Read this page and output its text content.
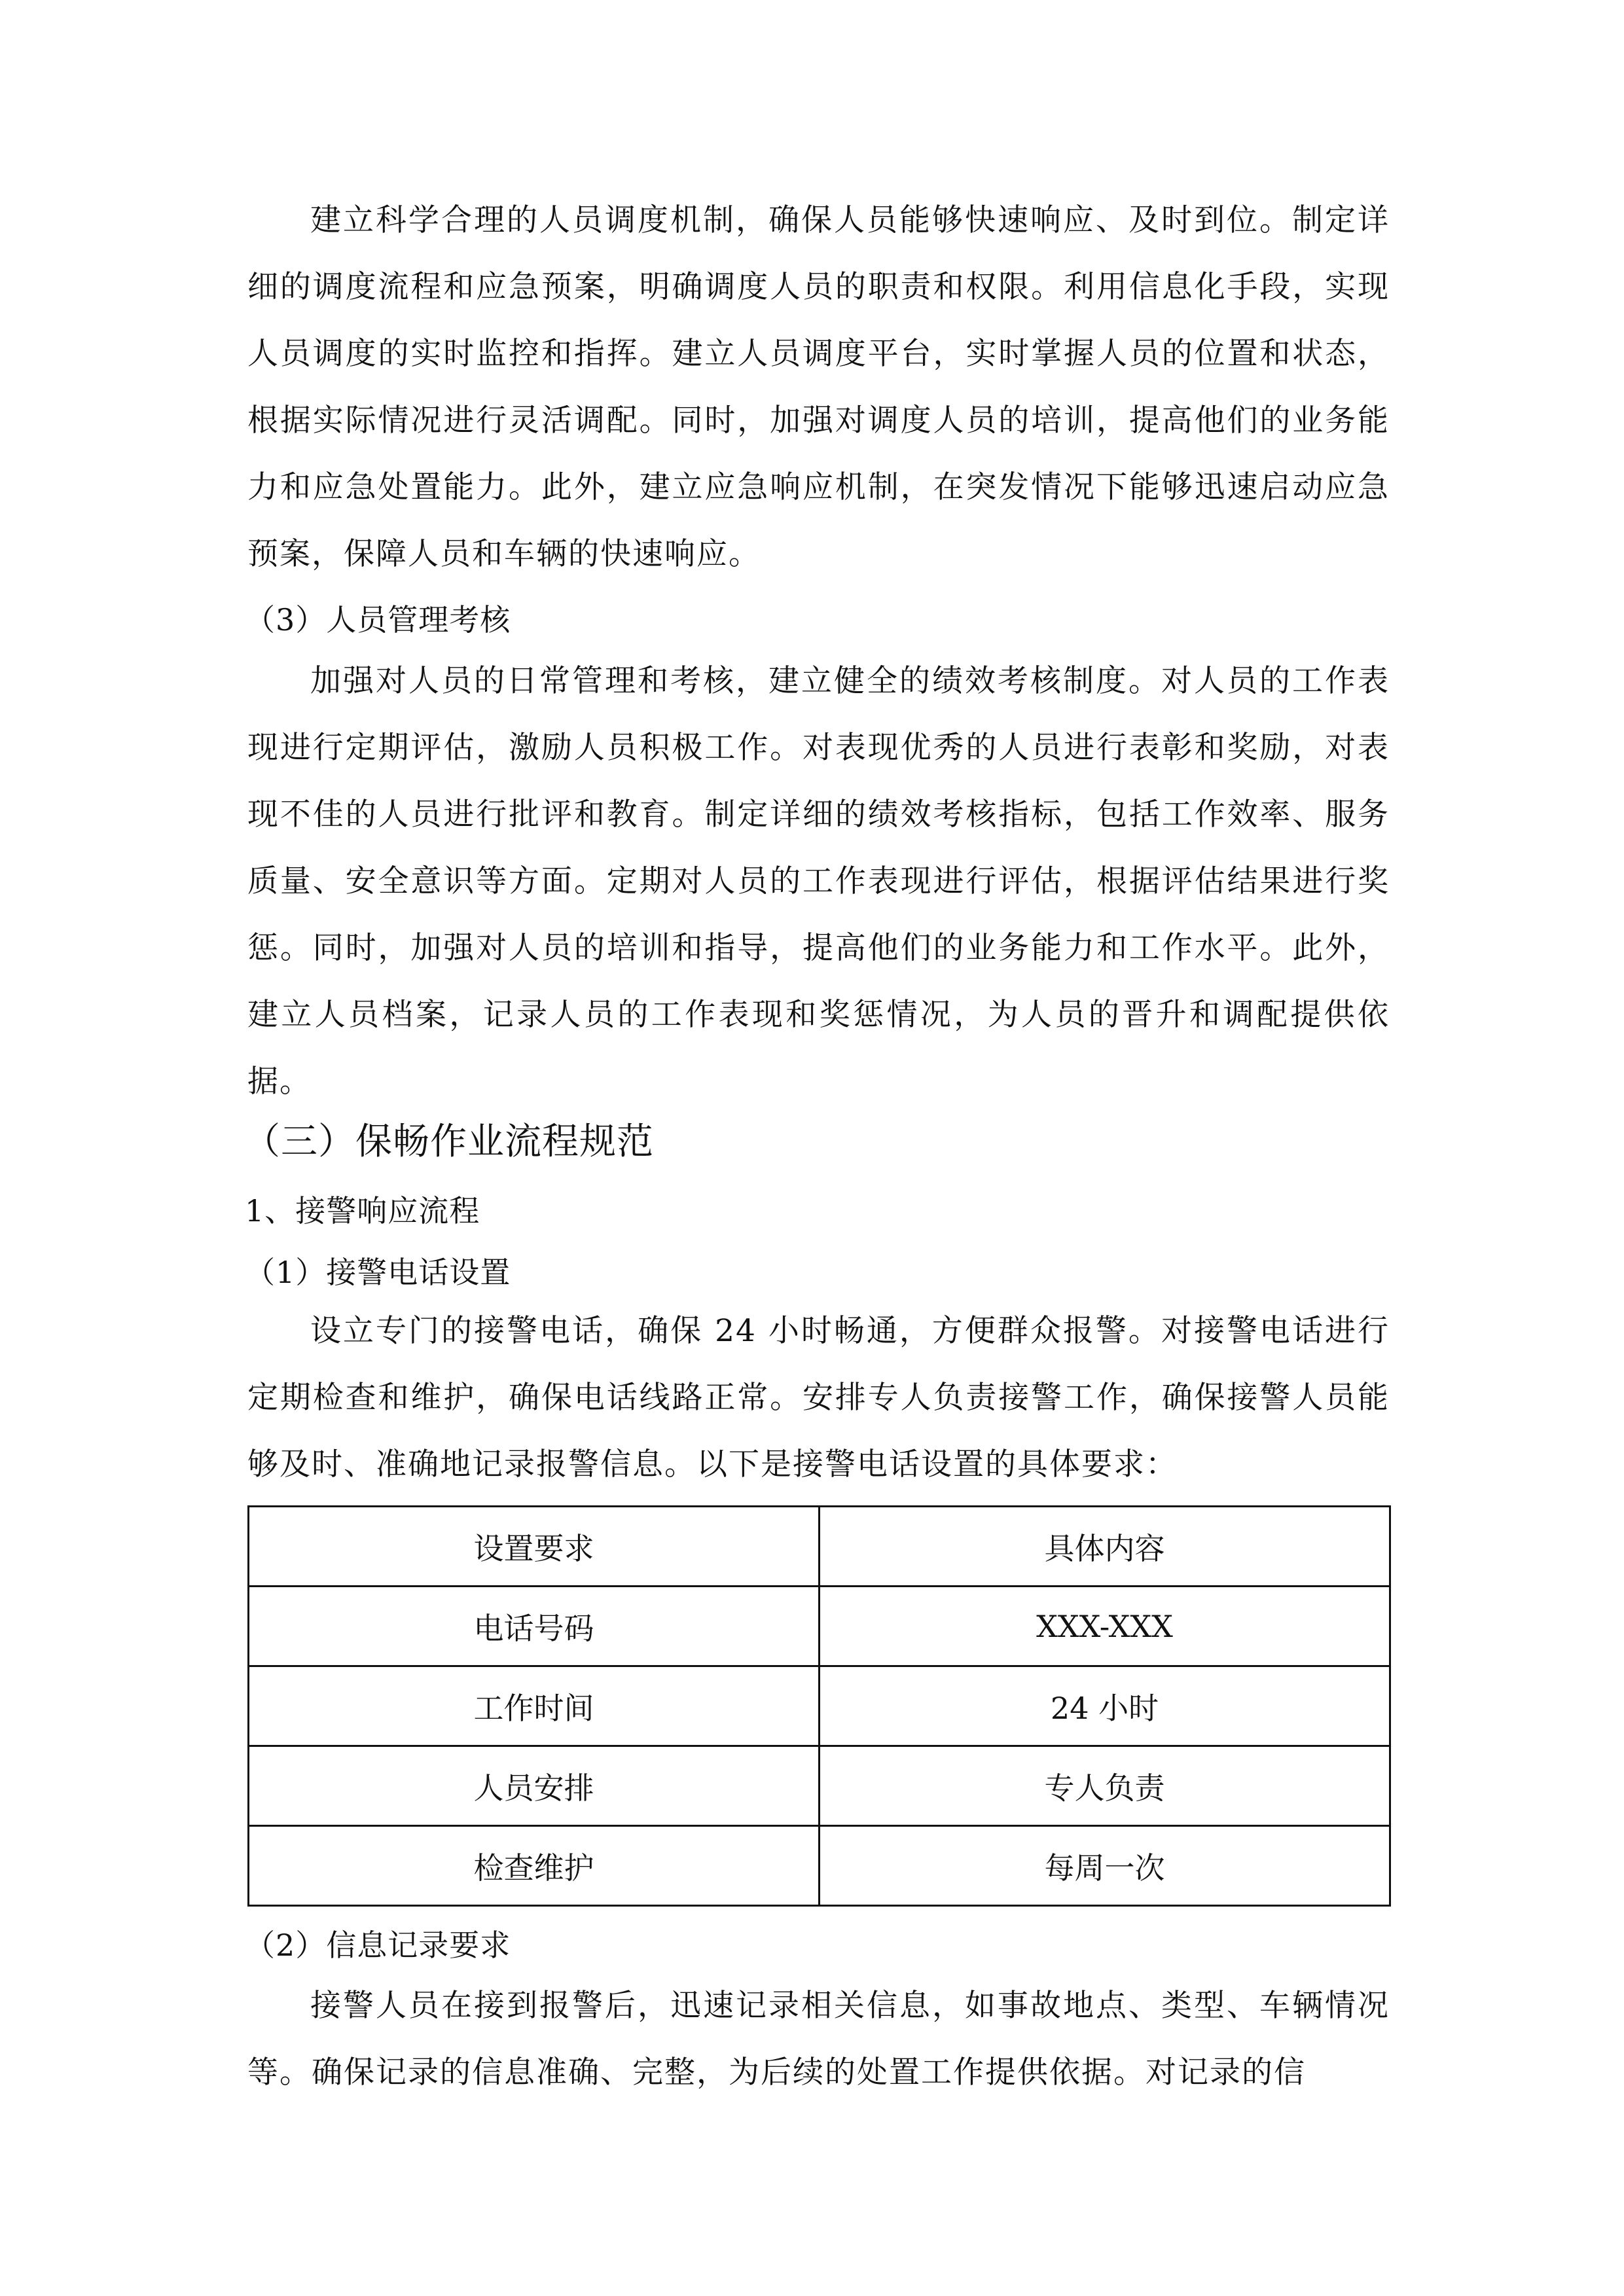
建立科学合理的人员调度机制，确保人员能够快速响应、及时到位。制定详细的调度流程和应急预案，明确调度人员的职责和权限。利用信息化手段，实现人员调度的实时监控和指挥。建立人员调度平台，实时掌握人员的位置和状态，根据实际情况进行灵活调配。同时，加强对调度人员的培训，提高他们的业务能力和应急处置能力。此外，建立应急响应机制，在突发情况下能够迅速启动应急预案，保障人员和车辆的快速响应。

（3）人员管理考核

加强对人员的日常管理和考核，建立健全的绩效考核制度。对人员的工作表现进行定期评估，激励人员积极工作。对表现优秀的人员进行表彰和奖励，对表现不佳的人员进行批评和教育。制定详细的绩效考核指标，包括工作效率、服务质量、安全意识等方面。定期对人员的工作表现进行评估，根据评估结果进行奖惩。同时，加强对人员的培训和指导，提高他们的业务能力和工作水平。此外，建立人员档案，记录人员的工作表现和奖惩情况，为人员的晋升和调配提供依据。

（三）保畅作业流程规范

1、接警响应流程

（1）接警电话设置

设立专门的接警电话，确保 24 小时畅通，方便群众报警。对接警电话进行定期检查和维护，确保电话线路正常。安排专人负责接警工作，确保接警人员能够及时、准确地记录报警信息。以下是接警电话设置的具体要求：

设置要求	具体内容
电话号码	XXX-XXX
工作时间	24 小时
人员安排	专人负责
检查维护	每周一次

（2）信息记录要求

接警人员在接到报警后，迅速记录相关信息，如事故地点、类型、车辆情况等。确保记录的信息准确、完整，为后续的处置工作提供依据。对记录的信
